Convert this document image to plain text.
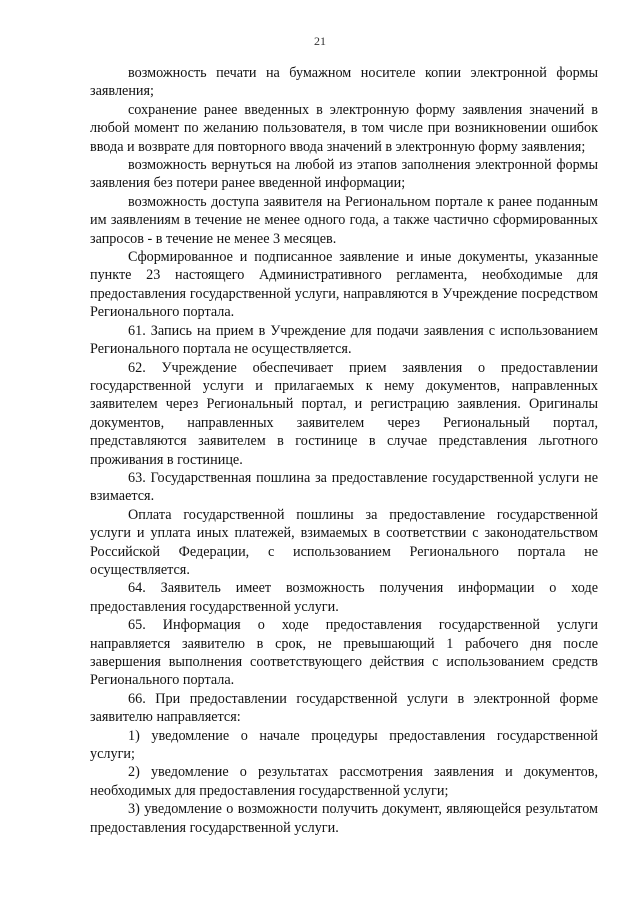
21

возможность печати на бумажном носителе копии электронной формы заявления;

сохранение ранее введенных в электронную форму заявления значений в любой момент по желанию пользователя, в том числе при возникновении ошибок ввода и возврате для повторного ввода значений в электронную форму заявления;

возможность вернуться на любой из этапов заполнения электронной формы заявления без потери ранее введенной информации;

возможность доступа заявителя на Региональном портале к ранее поданным им заявлениям в течение не менее одного года, а также частично сформированных запросов - в течение не менее 3 месяцев.

Сформированное и подписанное заявление и иные документы, указанные пункте 23 настоящего Административного регламента, необходимые для предоставления государственной услуги, направляются в Учреждение посредством Регионального портала.

61. Запись на прием в Учреждение для подачи заявления с использованием Регионального портала не осуществляется.

62. Учреждение обеспечивает прием заявления о предоставлении государственной услуги и прилагаемых к нему документов, направленных заявителем через Региональный портал, и регистрацию заявления. Оригиналы документов, направленных заявителем через Региональный портал, представляются заявителем в гостинице в случае представления льготного проживания в гостинице.

63. Государственная пошлина за предоставление государственной услуги не взимается.

Оплата государственной пошлины за предоставление государственной услуги и уплата иных платежей, взимаемых в соответствии с законодательством Российской Федерации, с использованием Регионального портала не осуществляется.

64. Заявитель имеет возможность получения информации о ходе предоставления государственной услуги.

65. Информация о ходе предоставления государственной услуги направляется заявителю в срок, не превышающий 1 рабочего дня после завершения выполнения соответствующего действия с использованием средств Регионального портала.

66. При предоставлении государственной услуги в электронной форме заявителю направляется:

1) уведомление о начале процедуры предоставления государственной услуги;

2) уведомление о результатах рассмотрения заявления и документов, необходимых для предоставления государственной услуги;

3) уведомление о возможности получить документ, являющейся результатом предоставления государственной услуги.
